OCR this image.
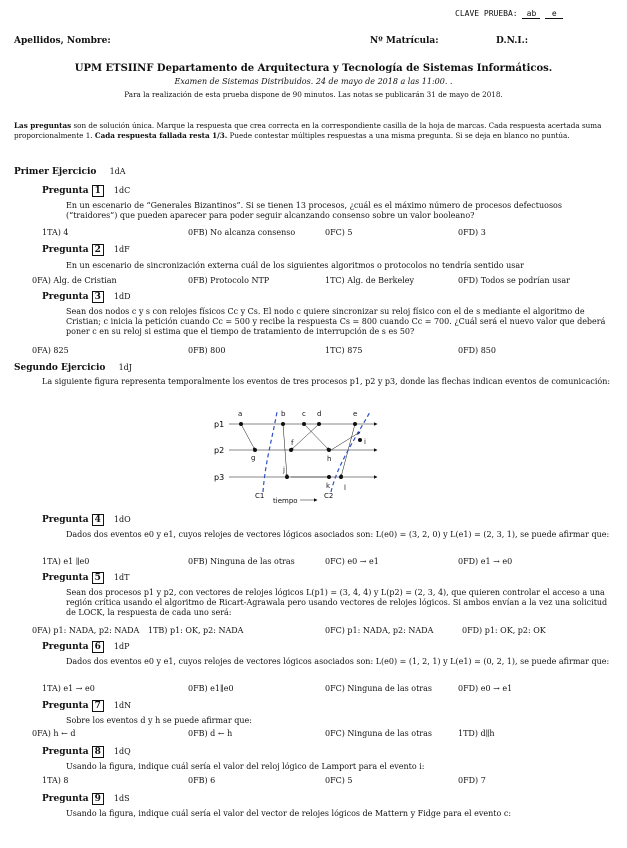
CLAVE PRUEBA: ab e
Apellidos, Nombre:	Nº Matrícula:	D.N.I.:
UPM ETSIINF Departamento de Arquitectura y Tecnología de Sistemas Informáticos.
Examen de Sistemas Distribuidos. 24 de mayo de 2018 a las 11:00. .
Para la realización de esta prueba dispone de 90 minutos. Las notas se publicarán 31 de mayo de 2018.
Las preguntas son de solución única. Marque la respuesta que crea correcta en la correspondiente casilla de la hoja de marcas. Cada respuesta acertada suma proporcionalmente 1. Cada respuesta fallada resta 1/3. Puede contestar múltiples respuestas a una misma pregunta. Si se deja en blanco no puntúa.
Primer Ejercicio 1dA
Pregunta 1 1dC
En un escenario de “Generales Bizantinos”. Si se tienen 13 procesos, ¿cuál es el máximo número de procesos defectuosos (“traidores”) que pueden aparecer para poder seguir alcanzando consenso sobre un valor booleano?
1TA) 4	0FB) No alcanza consenso	0FC) 5	0FD) 3
Pregunta 2 1dF
En un escenario de sincronización externa cuál de los siguientes algoritmos o protocolos no tendría sentido usar
0FA) Alg. de Cristian	0FB) Protocolo NTP	1TC) Alg. de Berkeley	0FD) Todos se podrían usar
Pregunta 3 1dD
Sean dos nodos c y s con relojes físicos Cc y Cs. El nodo c quiere sincronizar su reloj físico con el de s mediante el algoritmo de Cristian; c inicia la petición cuando Cc = 500 y recibe la respuesta Cs = 800 cuando Cc = 700. ¿Cuál será el nuevo valor que deberá poner c en su reloj si estima que el tiempo de tratamiento de interrupción de s es 50?
0FA) 825	0FB) 800	1TC) 875	0FD) 850
Segundo Ejercicio 1dJ
La siguiente figura representa temporalmente los eventos de tres procesos p1, p2 y p3, donde las flechas indican eventos de comunicación:
p1
p2
p3
a	b c d	e
f
g	h
i
j
k l
C1	C2
tiempo
Pregunta 4 1dO
Dados dos eventos e0 y e1, cuyos relojes de vectores lógicos asociados son: L(e0) = (3, 2, 0) y L(e1) = (2, 3, 1), se puede afirmar que:
1TA) e1 ∥e0	0FB) Ninguna de las otras	0FC) e0 → e1	0FD) e1 → e0
Pregunta 5 1dT
Sean dos procesos p1 y p2, con vectores de relojes lógicos L(p1) = (3, 4, 4) y L(p2) = (2, 3, 4), que quieren controlar el acceso a una región crítica usando el algoritmo de Ricart-Agrawala pero usando vectores de relojes lógicos. Si ambos envían a la vez una solicitud de LOCK, la respuesta de cada uno será:
0FA) p1: NADA, p2: NADA 1TB) p1: OK, p2: NADA	0FC) p1: NADA, p2: NADA	0FD) p1: OK, p2: OK
Pregunta 6 1dP
Dados dos eventos e0 y e1, cuyos relojes de vectores lógicos asociados son: L(e0) = (1, 2, 1) y L(e1) = (0, 2, 1), se puede afirmar que:
1TA) e1 → e0	0FB) e1∥e0	0FC) Ninguna de las otras	0FD) e0 → e1
Pregunta 7 1dN
Sobre los eventos d y h se puede afirmar que:
0FA) h ← d	0FB) d ← h	0FC) Ninguna de las otras	1TD) d∥h
Pregunta 8 1dQ
Usando la figura, indique cuál sería el valor del reloj lógico de Lamport para el evento i:
1TA) 8	0FB) 6	0FC) 5	0FD) 7
Pregunta 9 1dS
Usando la figura, indique cuál sería el valor del vector de relojes lógicos de Mattern y Fidge para el evento c:
